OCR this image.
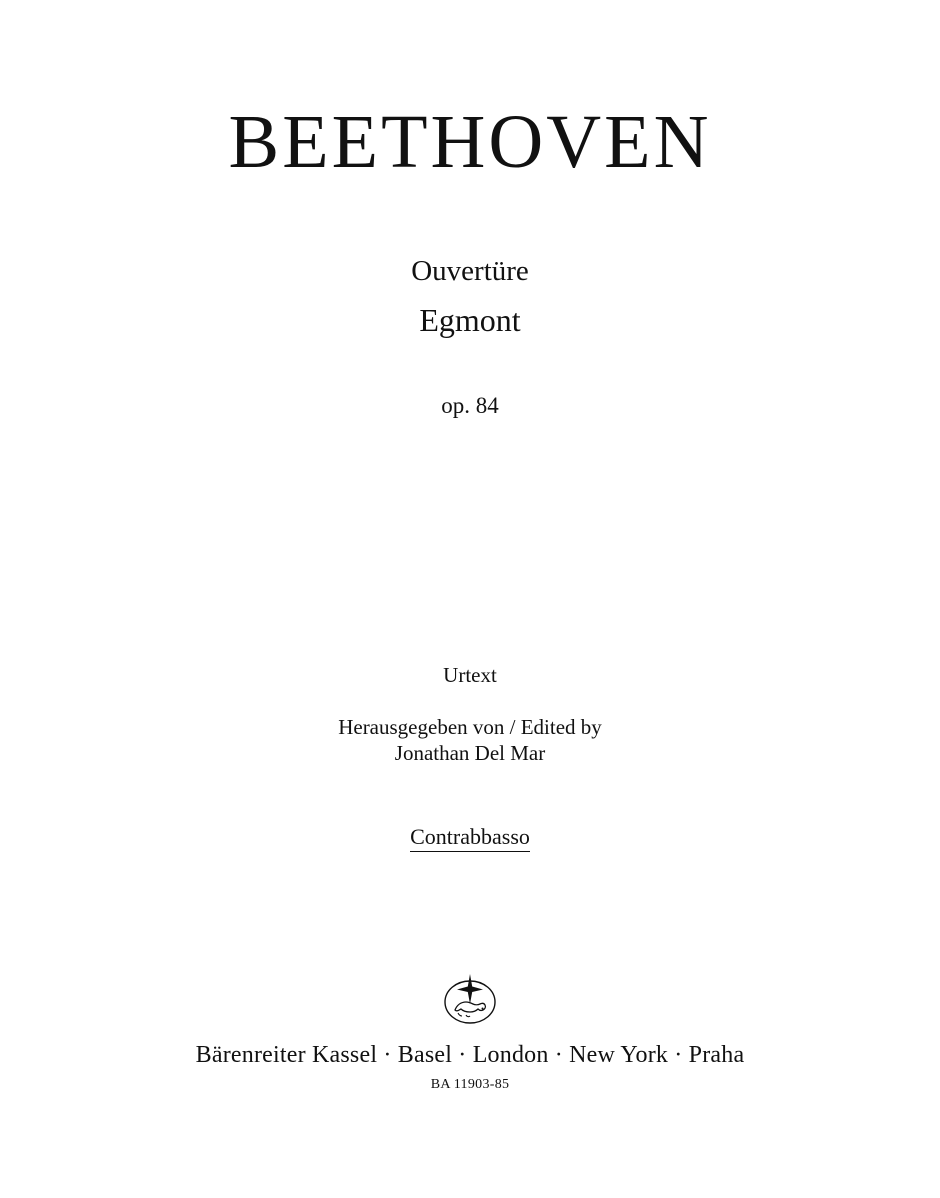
BEETHOVEN
Ouvertüre
Egmont
op. 84
Urtext
Herausgegeben von / Edited by
Jonathan Del Mar
Contrabbasso
Bärenreiter Kassel · Basel · London · New York · Praha
BA 11903-85
